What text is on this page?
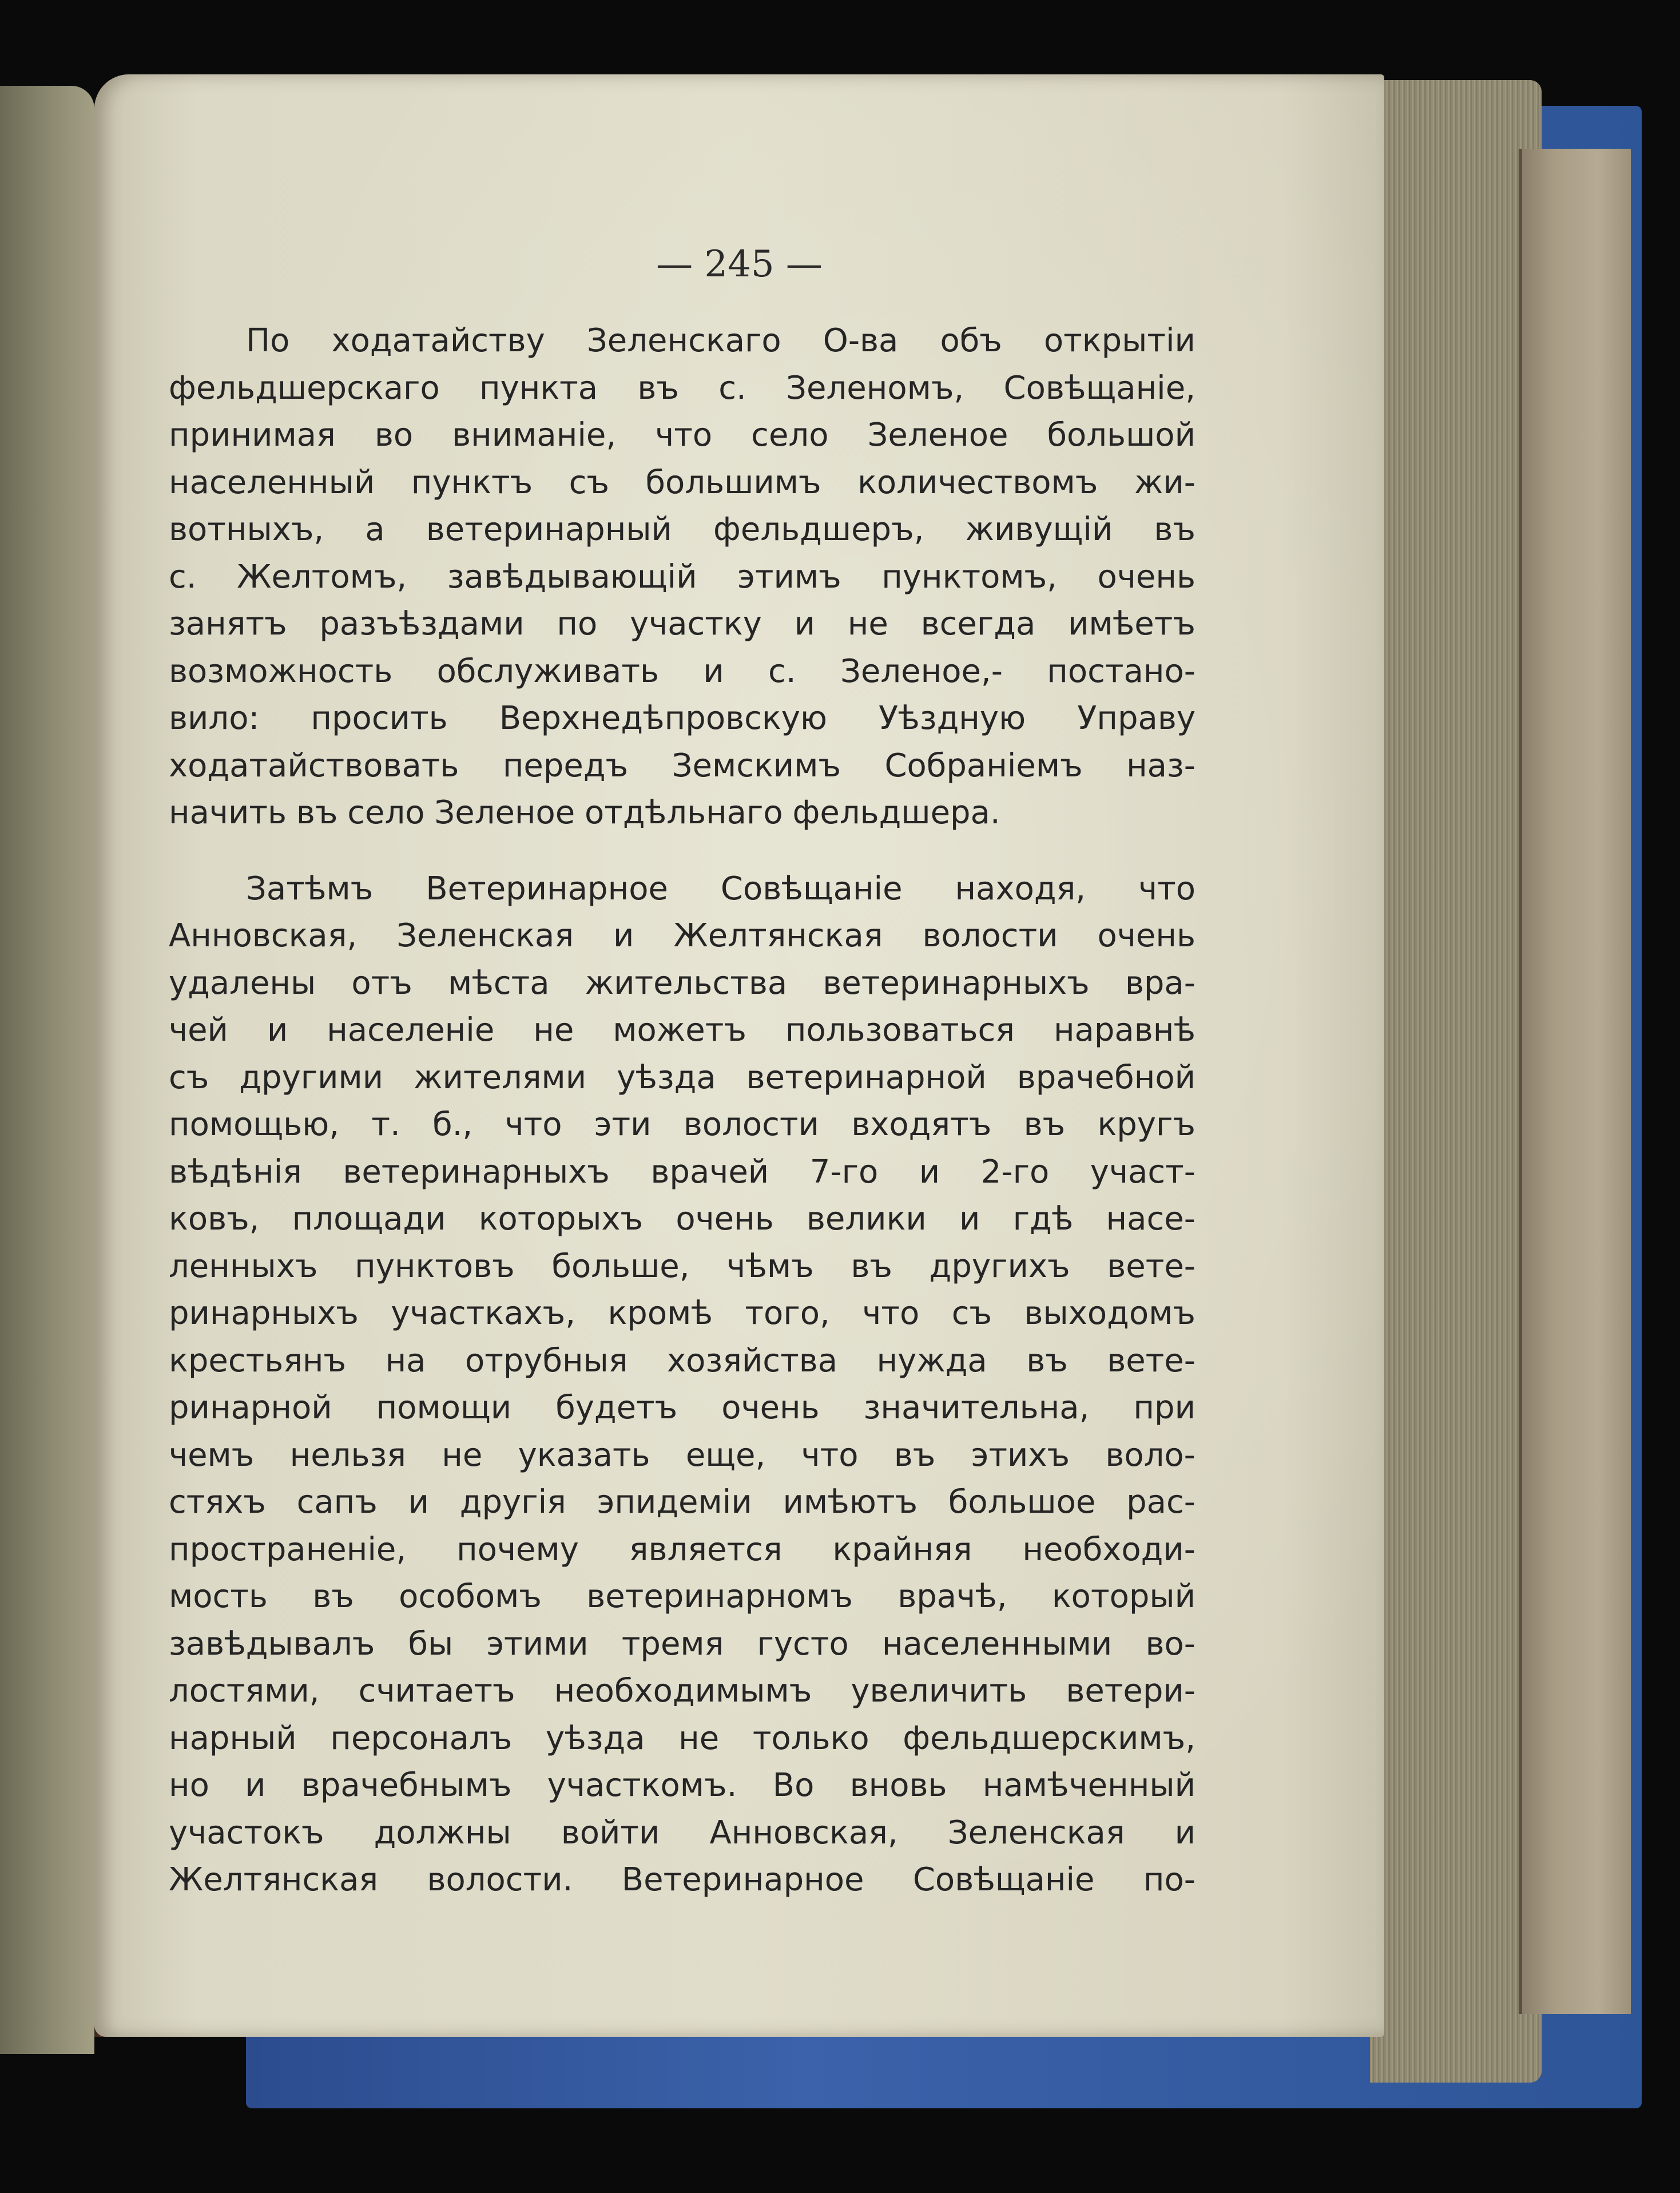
— 245 —
По ходатайству Зеленскаго О-ва объ открытіи
фельдшерскаго пункта въ с. Зеленомъ, Совѣщаніе,
принимая во вниманіе, что село Зеленое большой
населенный пунктъ съ большимъ количествомъ жи-
вотныхъ, а ветеринарный фельдшеръ, живущій въ
с. Желтомъ, завѣдывающій этимъ пунктомъ, очень
занятъ разъѣздами по участку и не всегда имѣетъ
возможность обслуживать и с. Зеленое,- постано-
вило: просить Верхнедѣпровскую Уѣздную Управу
ходатайствовать передъ Земскимъ Собраніемъ наз-
начить въ село Зеленое отдѣльнаго фельдшера.
Затѣмъ Ветеринарное Совѣщаніе находя, что
Анновская, Зеленская и Желтянская волости очень
удалены отъ мѣста жительства ветеринарныхъ вра-
чей и населеніе не можетъ пользоваться наравнѣ
съ другими жителями уѣзда ветеринарной врачебной
помощью, т. б., что эти волости входятъ въ кругъ
вѣдѣнія ветеринарныхъ врачей 7-го и 2-го участ-
ковъ, площади которыхъ очень велики и гдѣ насе-
ленныхъ пунктовъ больше, чѣмъ въ другихъ вете-
ринарныхъ участкахъ, кромѣ того, что съ выходомъ
крестьянъ на отрубныя хозяйства нужда въ вете-
ринарной помощи будетъ очень значительна, при
чемъ нельзя не указать еще, что въ этихъ воло-
стяхъ сапъ и другія эпидеміи имѣютъ большое рас-
пространеніе, почему является крайняя необходи-
мость въ особомъ ветеринарномъ врачѣ, который
завѣдывалъ бы этими тремя густо населенными во-
лостями, считаетъ необходимымъ увеличить ветери-
нарный персоналъ уѣзда не только фельдшерскимъ,
но и врачебнымъ участкомъ. Во вновь намѣченный
участокъ должны войти Анновская, Зеленская и
Желтянская волости. Ветеринарное Совѣщаніе по-
